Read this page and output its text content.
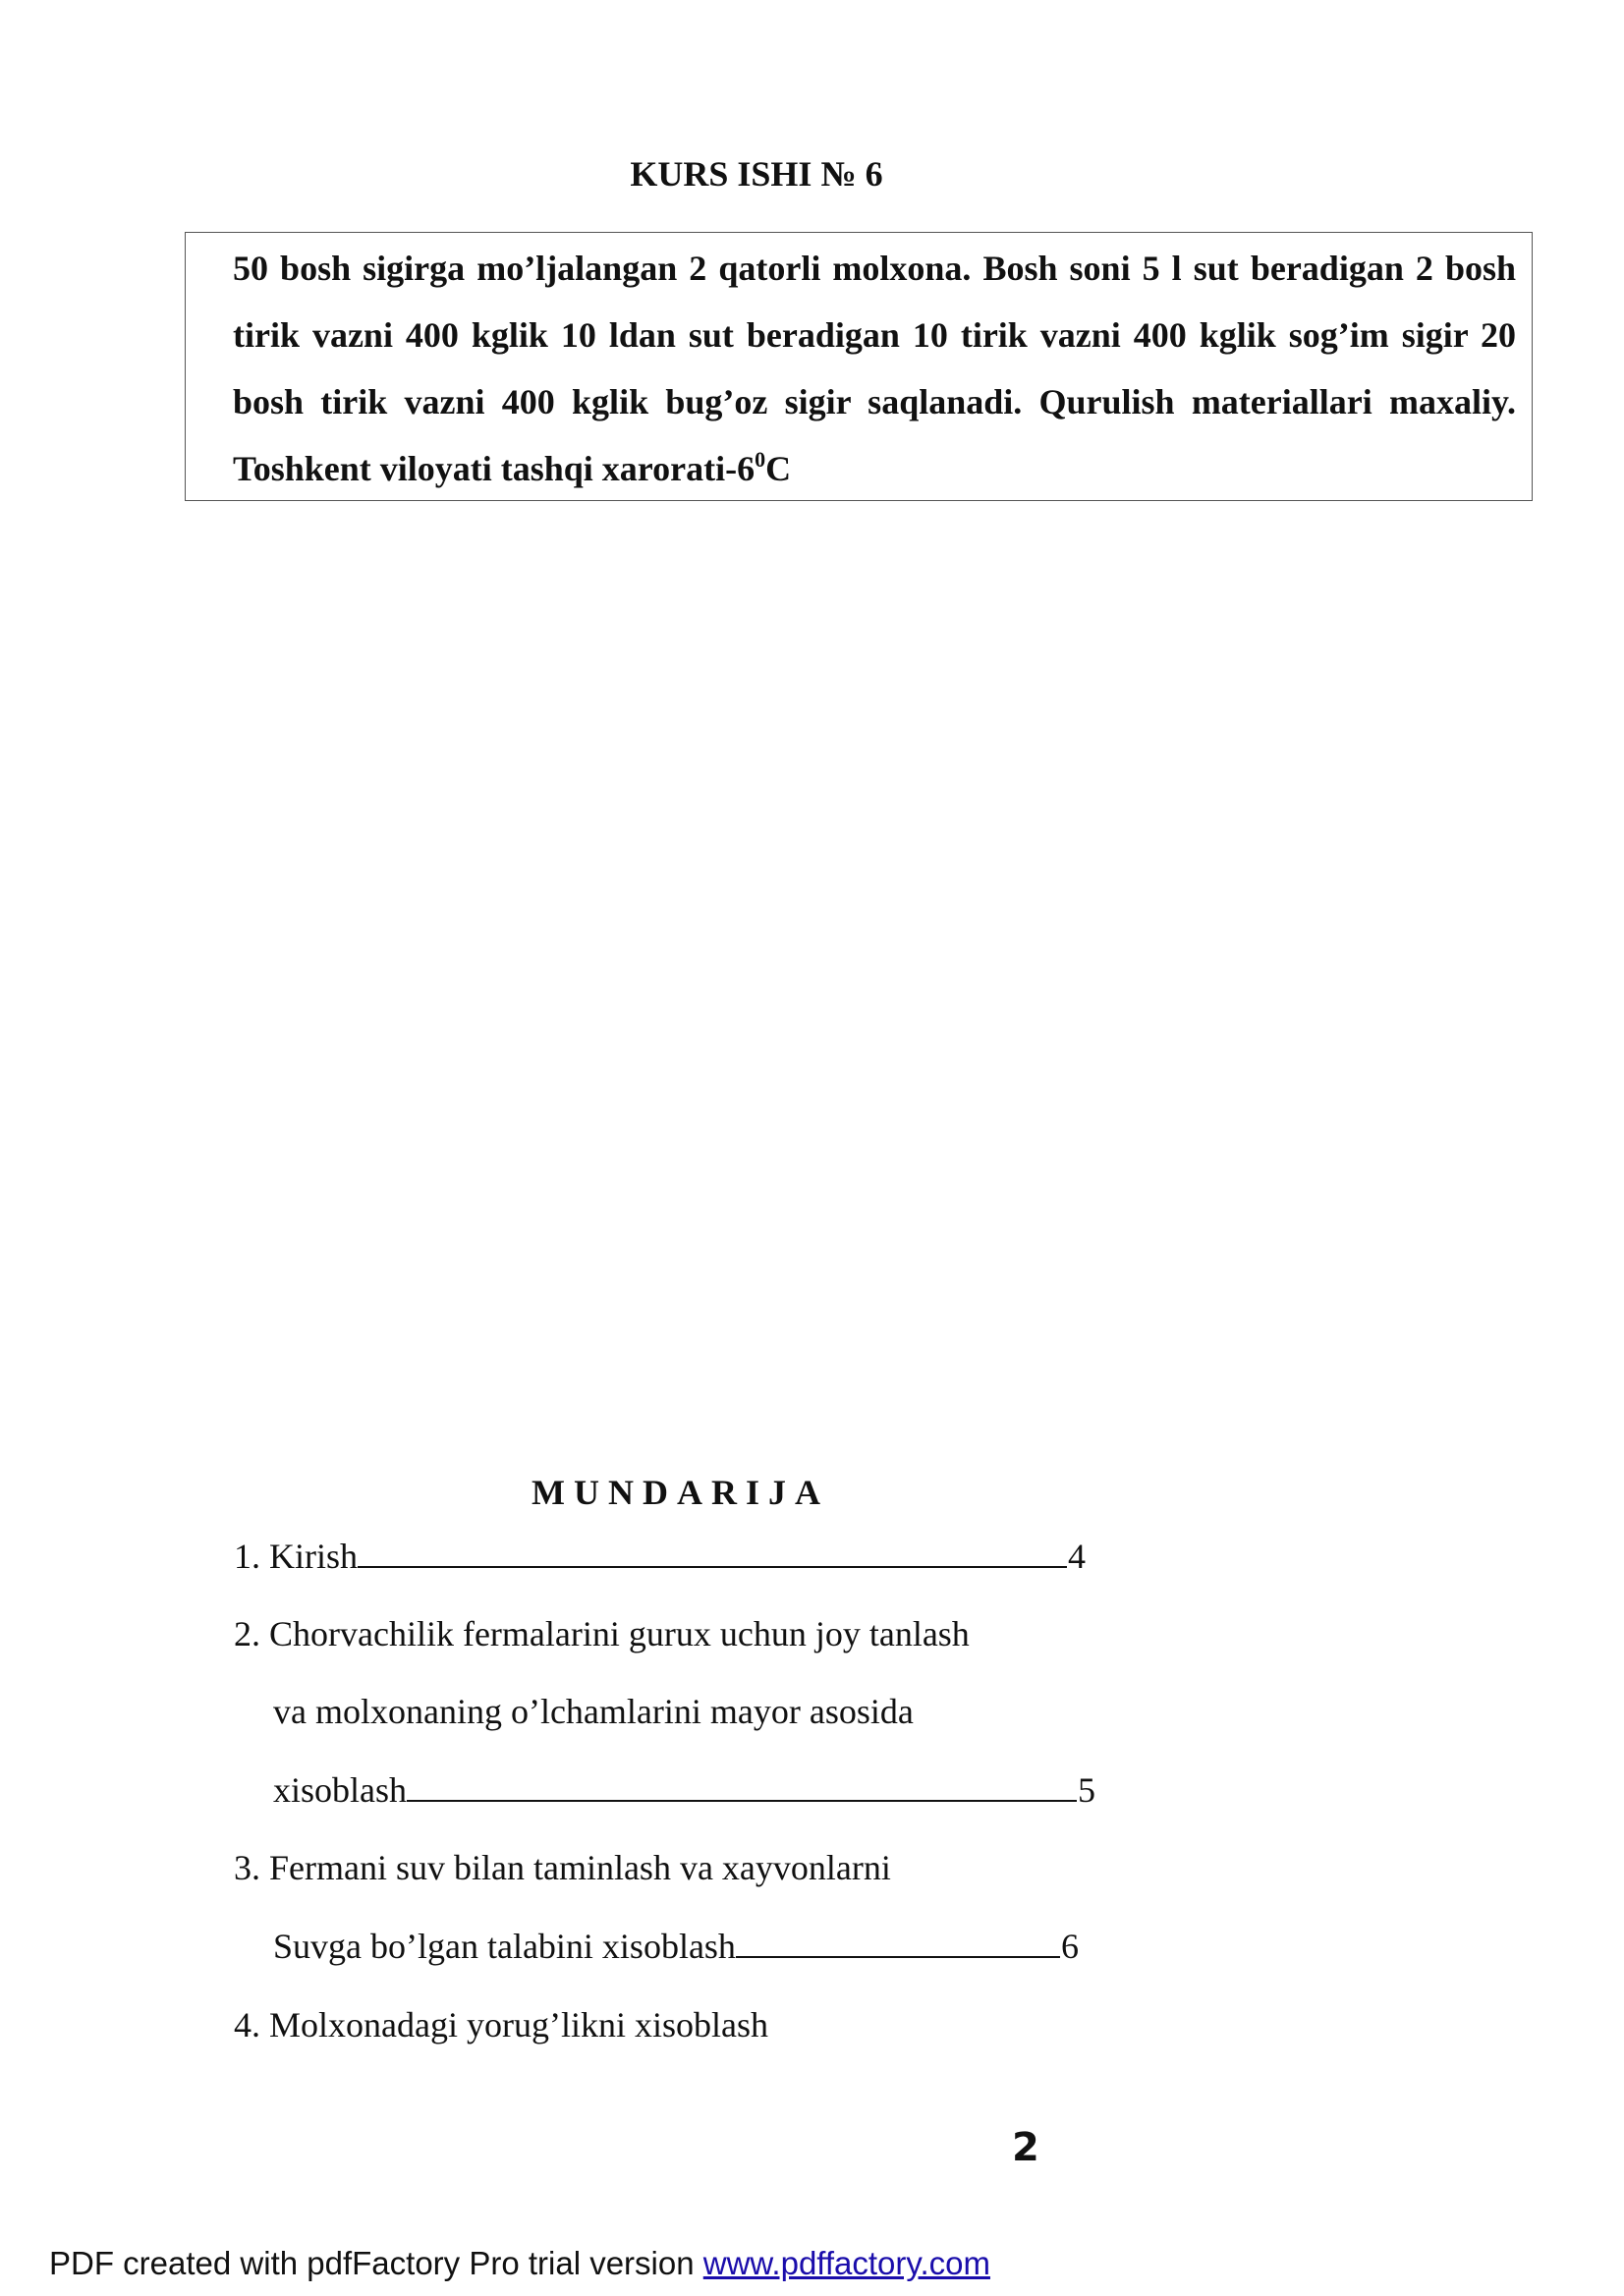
KURS ISHI № 6
50 bosh sigirga mo’ljalangan 2 qatorli molxona. Bosh soni 5 l sut beradigan 2 bosh tirik vazni 400 kglik 10 ldan sut beradigan 10 tirik vazni 400 kglik sog’im sigir 20 bosh tirik vazni 400 kglik bug’oz sigir saqlanadi. Qurulish materiallari maxaliy. Toshkent viloyati tashqi xarorati-$6^0C$
MUNDARIJA
1. Kirish	4
2. Chorvachilik fermalarini gurux uchun joy tanlash
va molxonaning o’lchamlarini mayor asosida
xisoblash	5
3. Fermani suv bilan taminlash va xayvonlarni
Suvga bo’lgan talabini xisoblash	6
4. Molxonadagi yorug’likni xisoblash
2
PDF created with pdfFactory Pro trial version www.pdffactory.com
